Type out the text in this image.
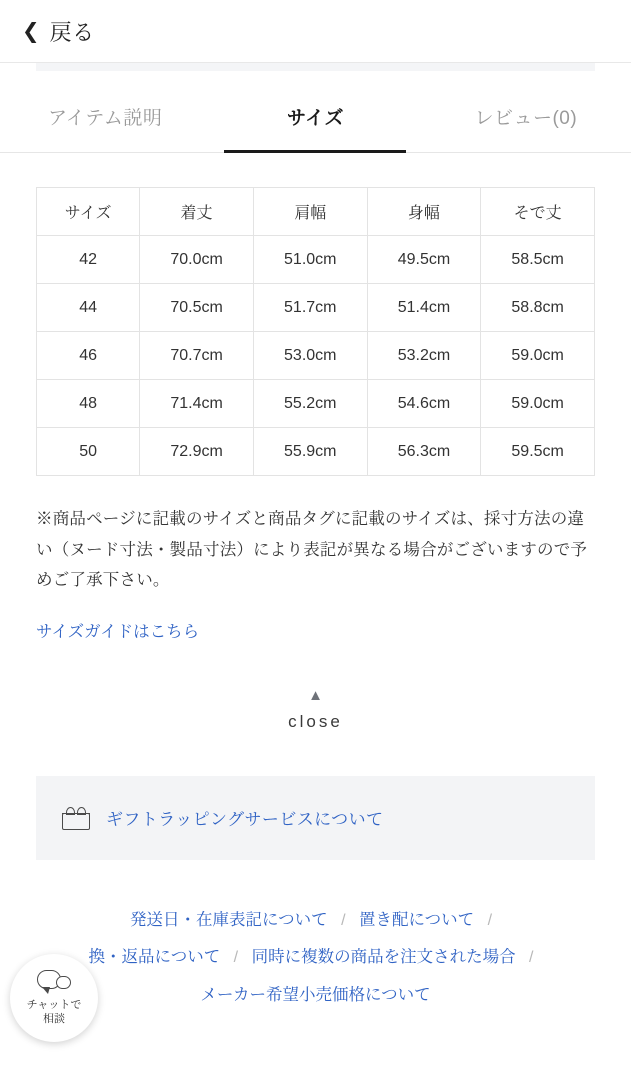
❮ 戻る
アイテム説明	サイズ	レビュー(0)
サイズ	着丈	肩幅	身幅	そで丈
42	70.0cm	51.0cm	49.5cm	58.5cm
44	70.5cm	51.7cm	51.4cm	58.8cm
46	70.7cm	53.0cm	53.2cm	59.0cm
48	71.4cm	55.2cm	54.6cm	59.0cm
50	72.9cm	55.9cm	56.3cm	59.5cm

※商品ページに記載のサイズと商品タグに記載のサイズは、採寸方法の違い（ヌード寸法・製品寸法）により表記が異なる場合がございますので予めご了承下さい。

サイズガイドはこちら
▲
close
ギフトラッピングサービスについて
発送日・在庫表記について / 置き配について /
換・返品について / 同時に複数の商品を注文された場合 /
メーカー希望小売価格について
チャットで
相談
